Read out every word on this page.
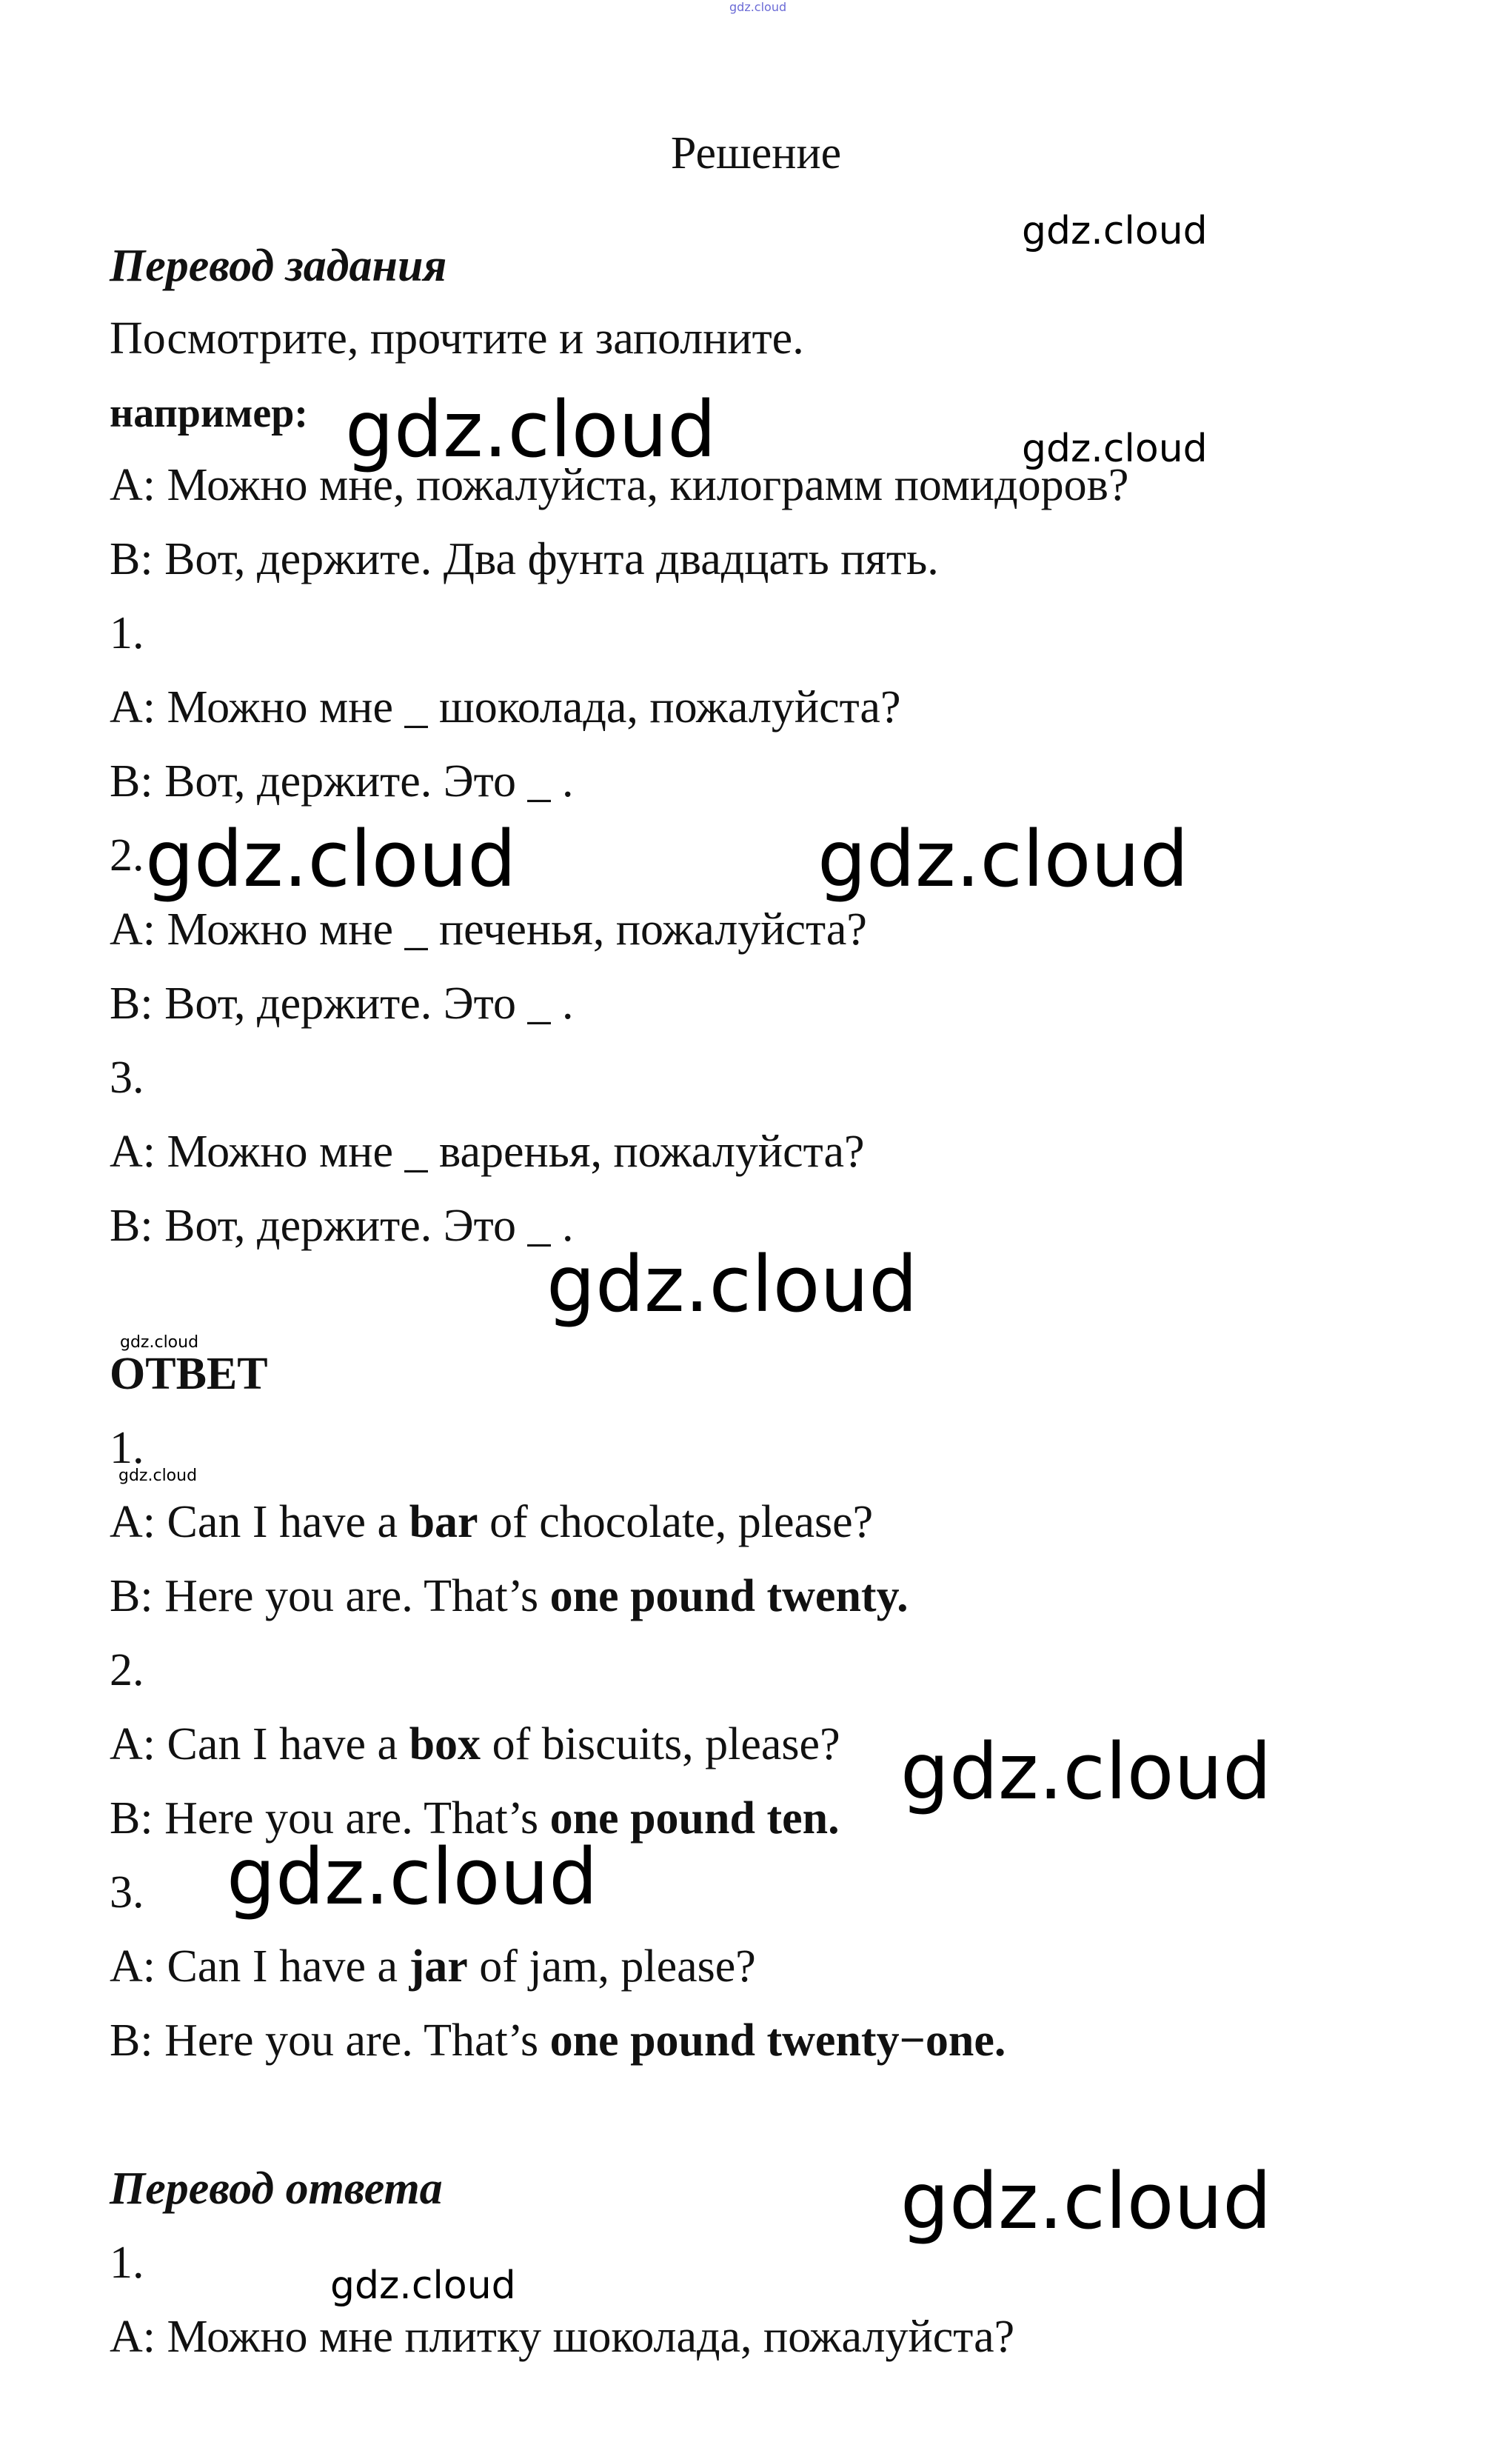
gdz.cloud
gdz.cloud
gdz.cloud
gdz.cloud
gdz.cloud	gdz.cloud
gdz.cloud
gdz.cloud
gdz.cloud
gdz.cloud
gdz.cloud
gdz.cloud
gdz.cloud
Решение
Перевод задания
Посмотрите, прочтите и заполните.
например:
A: Можно мне, пожалуйста, килограмм помидоров?
B: Вот, держите. Два фунта двадцать пять.
1.
A: Можно мне _ шоколада, пожалуйста?
B: Вот, держите. Это _ .
2.
A: Можно мне _ печенья, пожалуйста?
B: Вот, держите. Это _ .
3.
A: Можно мне _ варенья, пожалуйста?
B: Вот, держите. Это _ .
ОТВЕТ
1.
A: Can I have a bar of chocolate, please?
B: Here you are. That’s one pound twenty.
2.
A: Can I have a box of biscuits, please?
B: Here you are. That’s one pound ten.
3.
A: Can I have a jar of jam, please?
B: Here you are. That’s one pound twenty−one.
Перевод ответа
1.
A: Можно мне плитку шоколада, пожалуйста?
